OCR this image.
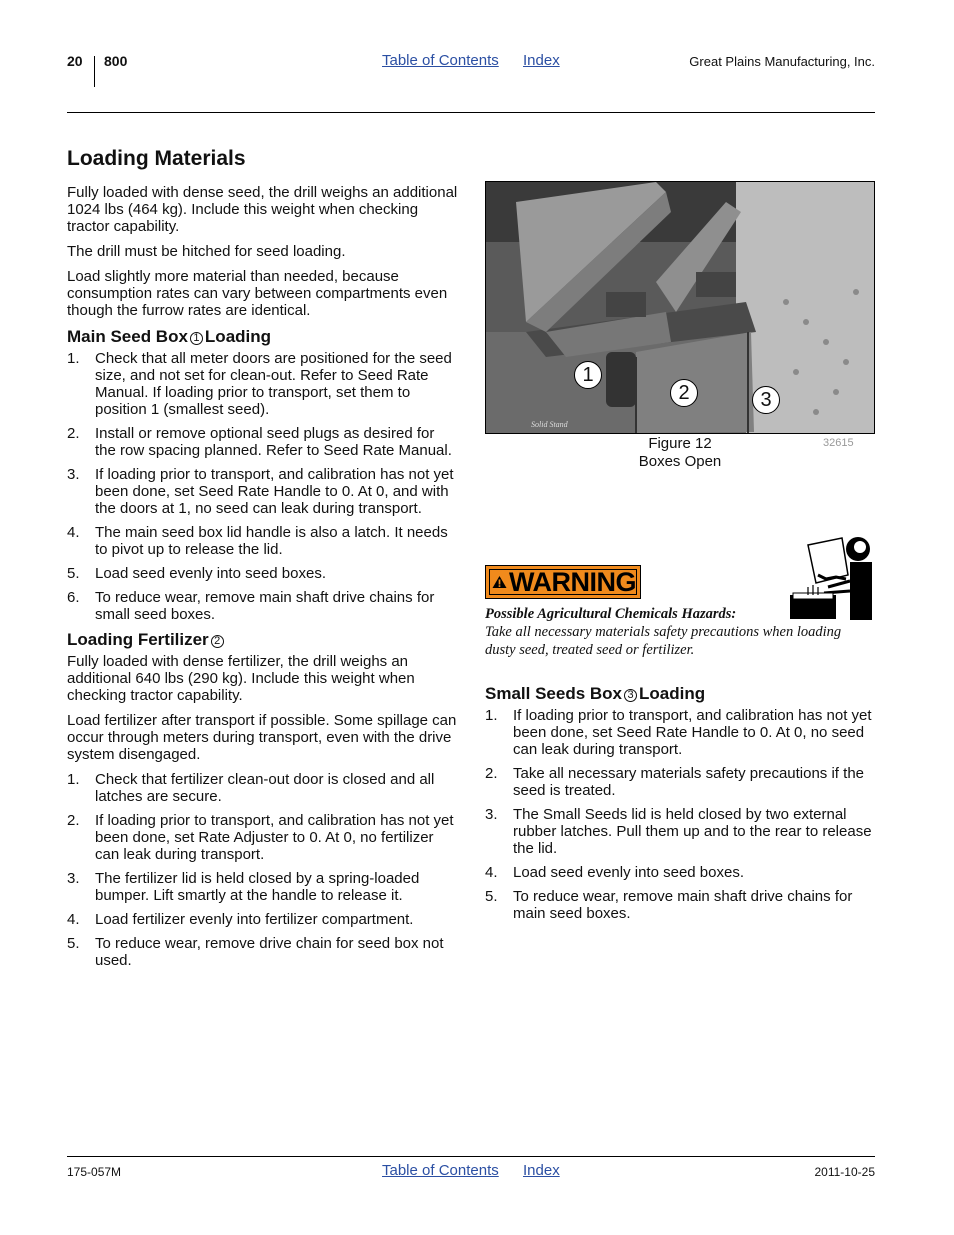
20 800	Table of Contents Index	Great Plains Manufacturing, Inc.
Loading Materials

Fully loaded with dense seed, the drill weighs an additional 1024 lbs (464 kg). Include this weight when checking tractor capability.

The drill must be hitched for seed loading.

Load slightly more material than needed, because consumption rates can vary between compartments even though the furrow rates are identical.

Main Seed Box 1 Loading
1. Check that all meter doors are positioned for the seed size, and not set for clean-out. Refer to Seed Rate Manual. If loading prior to transport, set them to position 1 (smallest seed).
2. Install or remove optional seed plugs as desired for the row spacing planned. Refer to Seed Rate Manual.
3. If loading prior to transport, and calibration has not yet been done, set Seed Rate Handle to 0. At 0, and with the doors at 1, no seed can leak during transport.
4. The main seed box lid handle is also a latch. It needs to pivot up to release the lid.
5. Load seed evenly into seed boxes.
6. To reduce wear, remove main shaft drive chains for small seed boxes.
Loading Fertilizer 2

Fully loaded with dense fertilizer, the drill weighs an additional 640 lbs (290 kg). Include this weight when checking tractor capability.

Load fertilizer after transport if possible. Some spillage can occur through meters during transport, even with the drive system disengaged.

1. Check that fertilizer clean-out door is closed and all latches are secure.
2. If loading prior to transport, and calibration has not yet been done, set Rate Adjuster to 0. At 0, no fertilizer can leak during transport.
3. The fertilizer lid is held closed by a spring-loaded bumper. Lift smartly at the handle to release it.
4. Load fertilizer evenly into fertilizer compartment.
5. To reduce wear, remove drive chain for seed box not used.
Solid Stand
1
2	3
Figure 12
Boxes Open
32615
WARNING
Possible Agricultural Chemicals Hazards:
Take all necessary materials safety precautions when loading dusty seed, treated seed or fertilizer.
Small Seeds Box 3 Loading
1. If loading prior to transport, and calibration has not yet been done, set Seed Rate Handle to 0. At 0, no seed can leak during transport.
2. Take all necessary materials safety precautions if the seed is treated.
3. The Small Seeds lid is held closed by two external rubber latches. Pull them up and to the rear to release the lid.
4. Load seed evenly into seed boxes.
5. To reduce wear, remove main shaft drive chains for main seed boxes.
175-057M	Table of Contents Index	2011-10-25
